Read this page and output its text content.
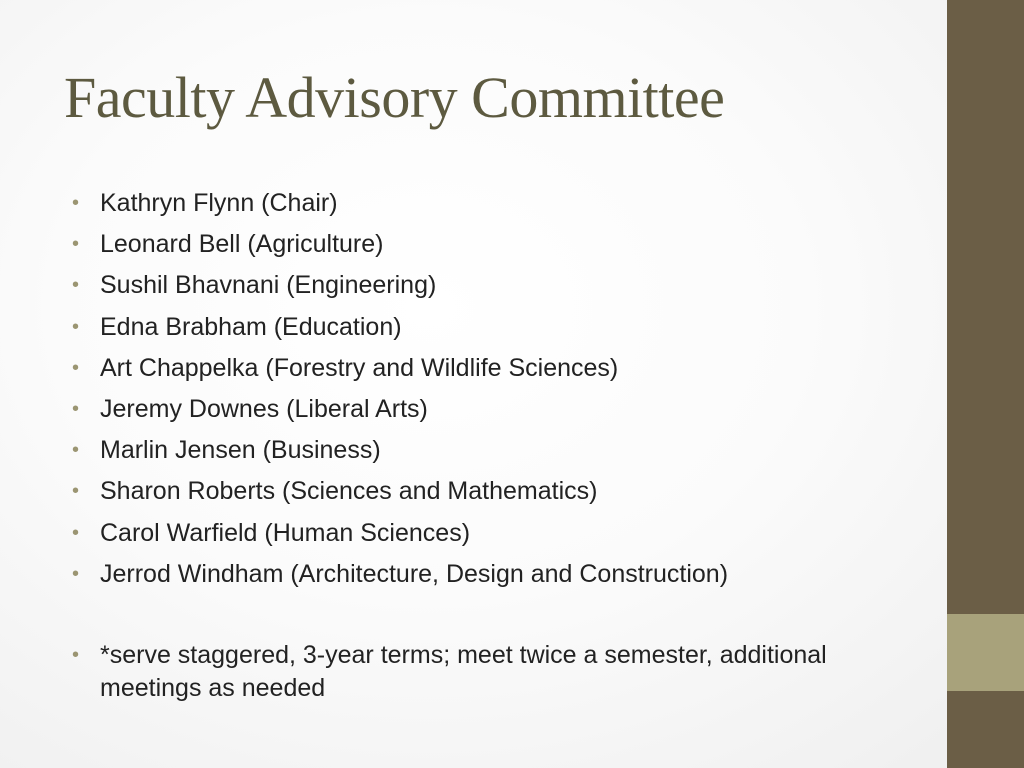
Faculty Advisory Committee
• Kathryn Flynn (Chair)
• Leonard Bell (Agriculture)
• Sushil Bhavnani (Engineering)
• Edna Brabham (Education)
• Art Chappelka (Forestry and Wildlife Sciences)
• Jeremy Downes (Liberal Arts)
• Marlin Jensen (Business)
• Sharon Roberts (Sciences and Mathematics)
• Carol Warfield (Human Sciences)
• Jerrod Windham (Architecture, Design and Construction)
• *serve staggered, 3-year terms; meet twice a semester, additional meetings as needed
